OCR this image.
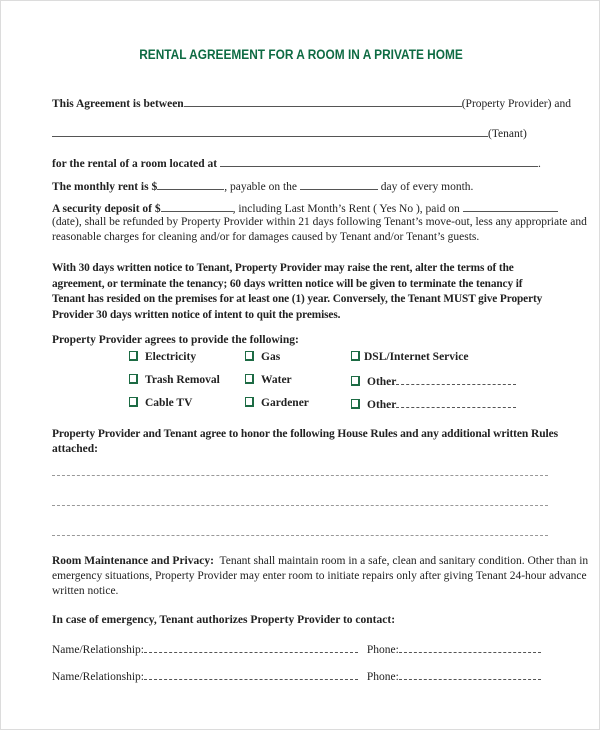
RENTAL AGREEMENT FOR A ROOM IN A PRIVATE HOME
This Agreement is between	(Property Provider) and
(Tenant)
for the rental of a room located at	.
The monthly rent is $	, payable on the	day of every month.
A security deposit of $	, including Last Month’s Rent ( Yes No ), paid on
(date), shall be refunded by Property Provider within 21 days following Tenant’s move-out, less any appropriate and
reasonable charges for cleaning and/or for damages caused by Tenant and/or Tenant’s guests.
With 30 days written notice to Tenant, Property Provider may raise the rent, alter the terms of the agreement, or terminate the tenancy; 60 days written notice will be given to terminate the tenancy if Tenant has resided on the premises for at least one (1) year. Conversely, the Tenant MUST give Property Provider 30 days written notice of intent to quit the premises.
Property Provider agrees to provide the following:
Electricity	Gas	DSL/Internet Service
Trash Removal	Water	Other
Cable TV	Gardener	Other
Property Provider and Tenant agree to honor the following House Rules and any additional written Rules
attached:
Room Maintenance and Privacy: Tenant shall maintain room in a safe, clean and sanitary condition. Other than in
emergency situations, Property Provider may enter room to initiate repairs only after giving Tenant 24-hour advance
written notice.
In case of emergency, Tenant authorizes Property Provider to contact:
Name/Relationship:	Phone:
Name/Relationship:	Phone:
